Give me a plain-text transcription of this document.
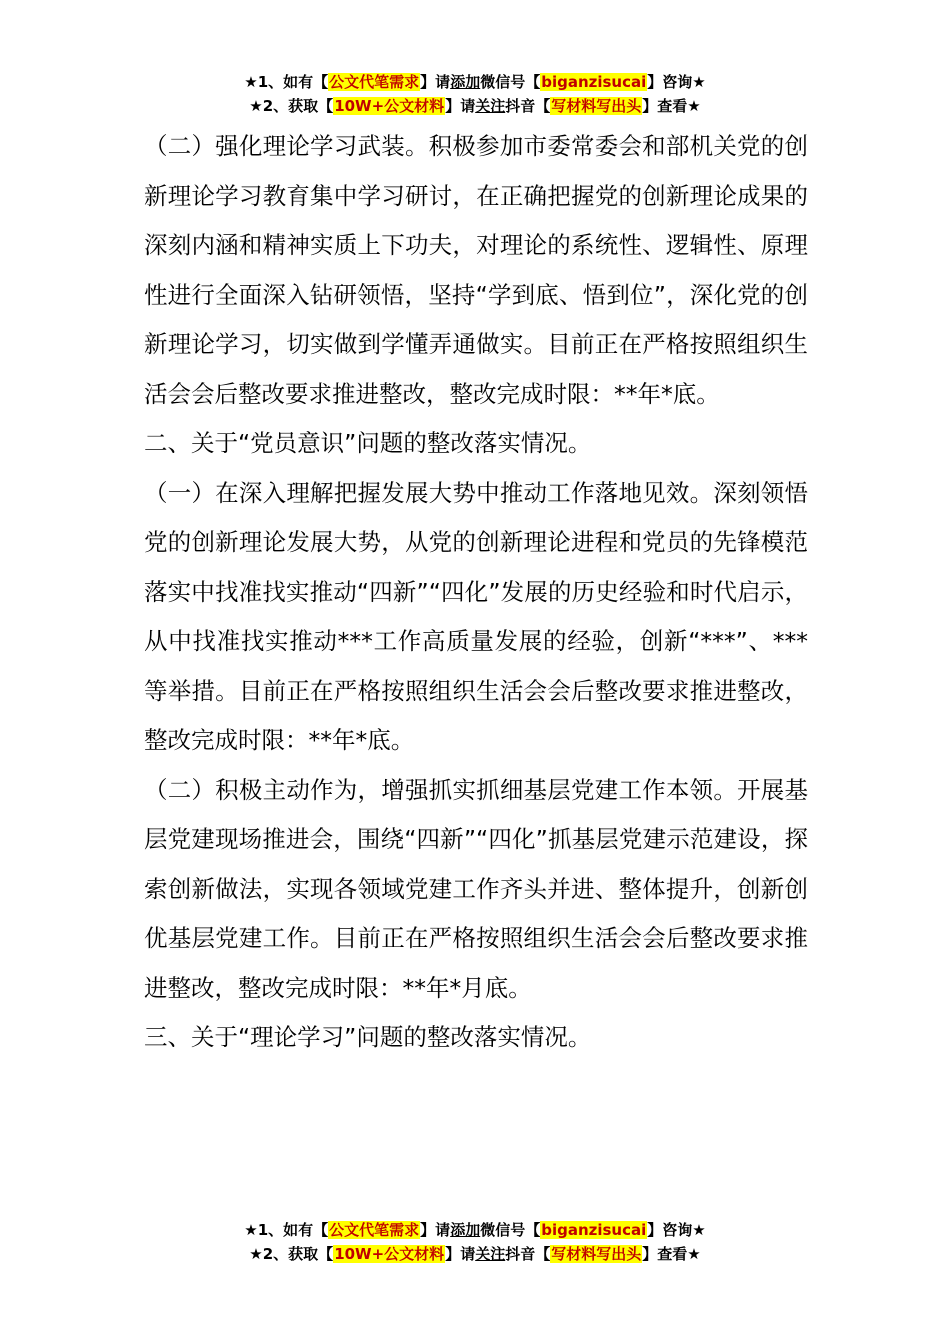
★1、如有【公文代笔需求】请添加微信号【biganzisucai】咨询★
★2、获取【10W+公文材料】请关注抖音【写材料写出头】查看★

（二）强化理论学习武装。积极参加市委常委会和部机关党的创新理论学习教育集中学习研讨，在正确把握党的创新理论成果的深刻内涵和精神实质上下功夫，对理论的系统性、逻辑性、原理性进行全面深入钻研领悟，坚持“学到底、悟到位”，深化党的创新理论学习，切实做到学懂弄通做实。目前正在严格按照组织生活会会后整改要求推进整改，整改完成时限：**年*底。

二、关于“党员意识”问题的整改落实情况。

（一）在深入理解把握发展大势中推动工作落地见效。深刻领悟党的创新理论发展大势，从党的创新理论进程和党员的先锋模范落实中找准找实推动“四新”“四化”发展的历史经验和时代启示，从中找准找实推动***工作高质量发展的经验，创新“***”、***等举措。目前正在严格按照组织生活会会后整改要求推进整改，整改完成时限：**年*底。

（二）积极主动作为，增强抓实抓细基层党建工作本领。开展基层党建现场推进会，围绕“四新”“四化”抓基层党建示范建设，探索创新做法，实现各领域党建工作齐头并进、整体提升，创新创优基层党建工作。目前正在严格按照组织生活会会后整改要求推进整改，整改完成时限：**年*月底。

三、关于“理论学习”问题的整改落实情况。

★1、如有【公文代笔需求】请添加微信号【biganzisucai】咨询★
★2、获取【10W+公文材料】请关注抖音【写材料写出头】查看★
